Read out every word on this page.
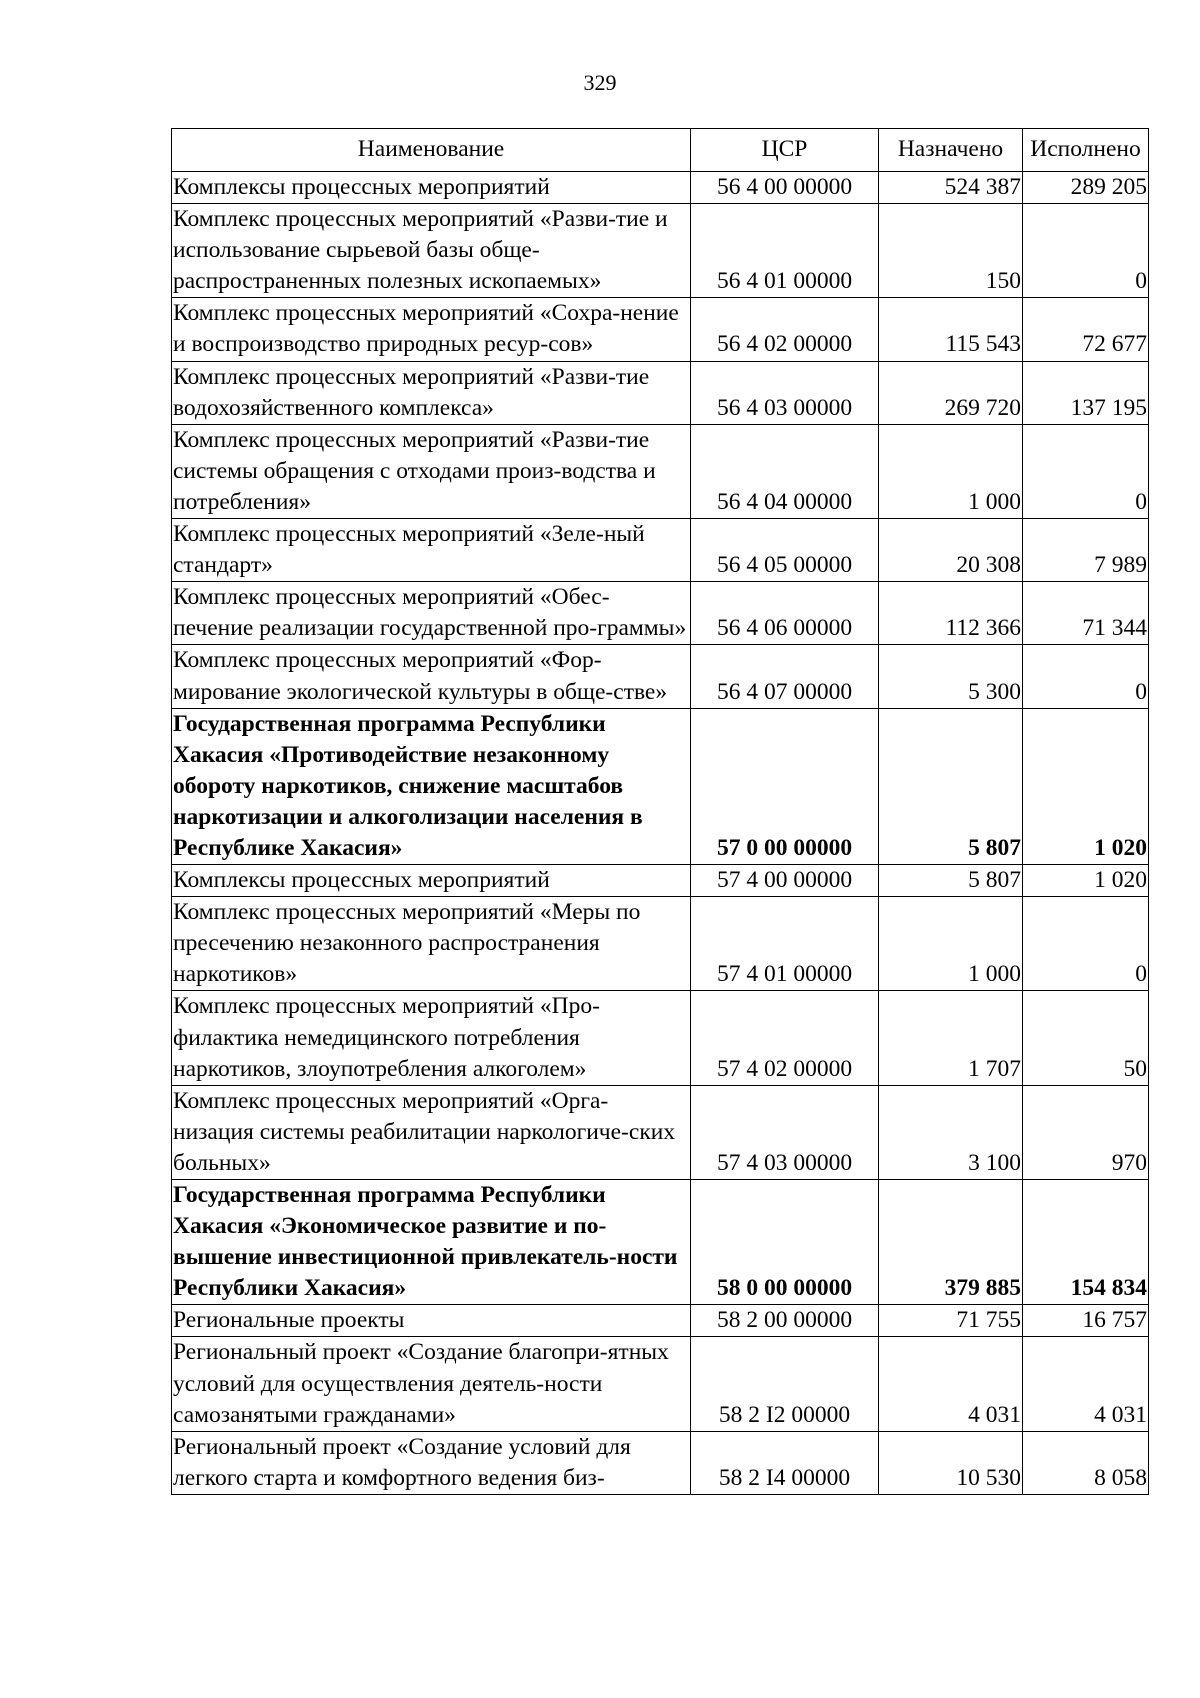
329
Наименование	ЦСР	Назначено	Исполнено
Комплексы процессных мероприятий	56 4 00 00000	524 387	289 205
Комплекс процессных мероприятий «Разви-тие и использование сырьевой базы обще-распространенных полезных ископаемых»	56 4 01 00000	150	0
Комплекс процессных мероприятий «Сохра-нение и воспроизводство природных ресур-сов»	56 4 02 00000	115 543	72 677
Комплекс процессных мероприятий «Разви-тие водохозяйственного комплекса»	56 4 03 00000	269 720	137 195
Комплекс процессных мероприятий «Разви-тие системы обращения с отходами произ-водства и потребления»	56 4 04 00000	1 000	0
Комплекс процессных мероприятий «Зеле-ный стандарт»	56 4 05 00000	20 308	7 989
Комплекс процессных мероприятий «Обес-печение реализации государственной про-граммы»	56 4 06 00000	112 366	71 344
Комплекс процессных мероприятий «Фор-мирование экологической культуры в обще-стве»	56 4 07 00000	5 300	0
Государственная программа Республики Хакасия «Противодействие незаконному обороту наркотиков, снижение масштабов наркотизации и алкоголизации населения в Республике Хакасия»	57 0 00 00000	5 807	1 020
Комплексы процессных мероприятий	57 4 00 00000	5 807	1 020
Комплекс процессных мероприятий «Меры по пресечению незаконного распространения наркотиков»	57 4 01 00000	1 000	0
Комплекс процессных мероприятий «Про-филактика немедицинского потребления наркотиков, злоупотребления алкоголем»	57 4 02 00000	1 707	50
Комплекс процессных мероприятий «Орга-низация системы реабилитации наркологиче-ских больных»	57 4 03 00000	3 100	970
Государственная программа Республики Хакасия «Экономическое развитие и по-вышение инвестиционной привлекатель-ности Республики Хакасия»	58 0 00 00000	379 885	154 834
Региональные проекты	58 2 00 00000	71 755	16 757
Региональный проект «Создание благопри-ятных условий для осуществления деятель-ности самозанятыми гражданами»	58 2 I2 00000	4 031	4 031
Региональный проект «Создание условий для легкого старта и комфортного ведения биз-	58 2 I4 00000	10 530	8 058
